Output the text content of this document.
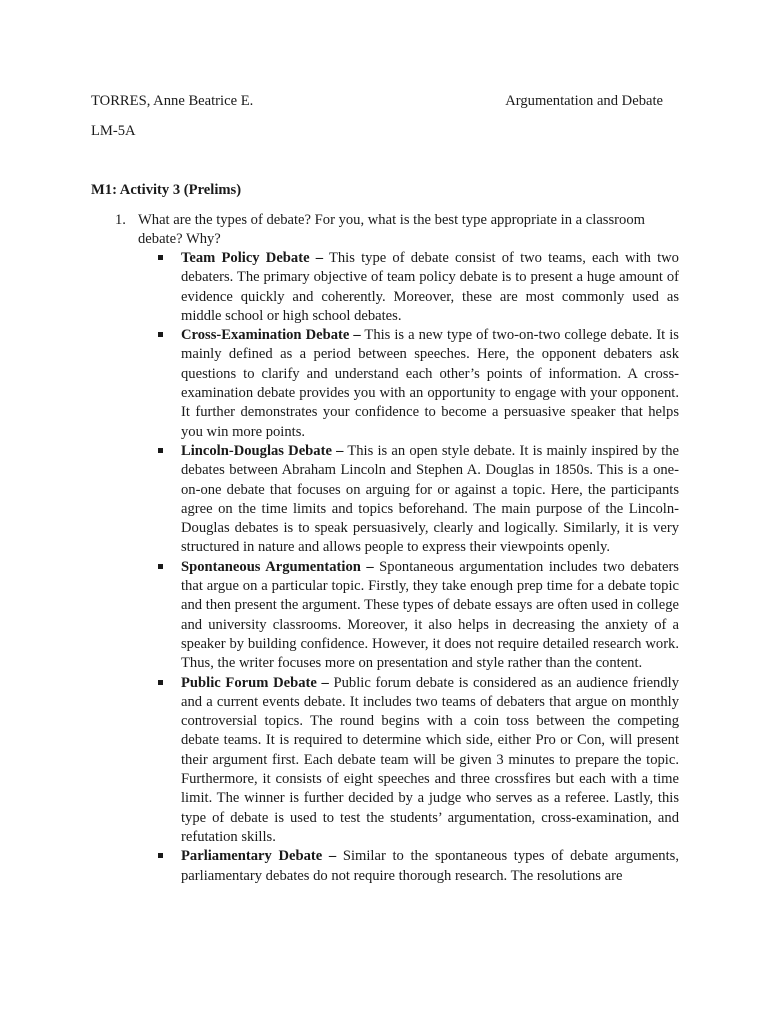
TORRES, Anne Beatrice E.	Argumentation and Debate
LM-5A
M1: Activity 3 (Prelims)
1. What are the types of debate? For you, what is the best type appropriate in a classroom debate? Why?
Team Policy Debate – This type of debate consist of two teams, each with two debaters. The primary objective of team policy debate is to present a huge amount of evidence quickly and coherently. Moreover, these are most commonly used as middle school or high school debates.
Cross-Examination Debate – This is a new type of two-on-two college debate. It is mainly defined as a period between speeches. Here, the opponent debaters ask questions to clarify and understand each other’s points of information. A cross-examination debate provides you with an opportunity to engage with your opponent. It further demonstrates your confidence to become a persuasive speaker that helps you win more points.
Lincoln-Douglas Debate – This is an open style debate. It is mainly inspired by the debates between Abraham Lincoln and Stephen A. Douglas in 1850s. This is a one-on-one debate that focuses on arguing for or against a topic. Here, the participants agree on the time limits and topics beforehand. The main purpose of the Lincoln-Douglas debates is to speak persuasively, clearly and logically. Similarly, it is very structured in nature and allows people to express their viewpoints openly.
Spontaneous Argumentation – Spontaneous argumentation includes two debaters that argue on a particular topic. Firstly, they take enough prep time for a debate topic and then present the argument. These types of debate essays are often used in college and university classrooms. Moreover, it also helps in decreasing the anxiety of a speaker by building confidence. However, it does not require detailed research work. Thus, the writer focuses more on presentation and style rather than the content.
Public Forum Debate – Public forum debate is considered as an audience friendly and a current events debate. It includes two teams of debaters that argue on monthly controversial topics. The round begins with a coin toss between the competing debate teams. It is required to determine which side, either Pro or Con, will present their argument first. Each debate team will be given 3 minutes to prepare the topic. Furthermore, it consists of eight speeches and three crossfires but each with a time limit. The winner is further decided by a judge who serves as a referee. Lastly, this type of debate is used to test the students’ argumentation, cross-examination, and refutation skills.
Parliamentary Debate – Similar to the spontaneous types of debate arguments, parliamentary debates do not require thorough research. The resolutions are
